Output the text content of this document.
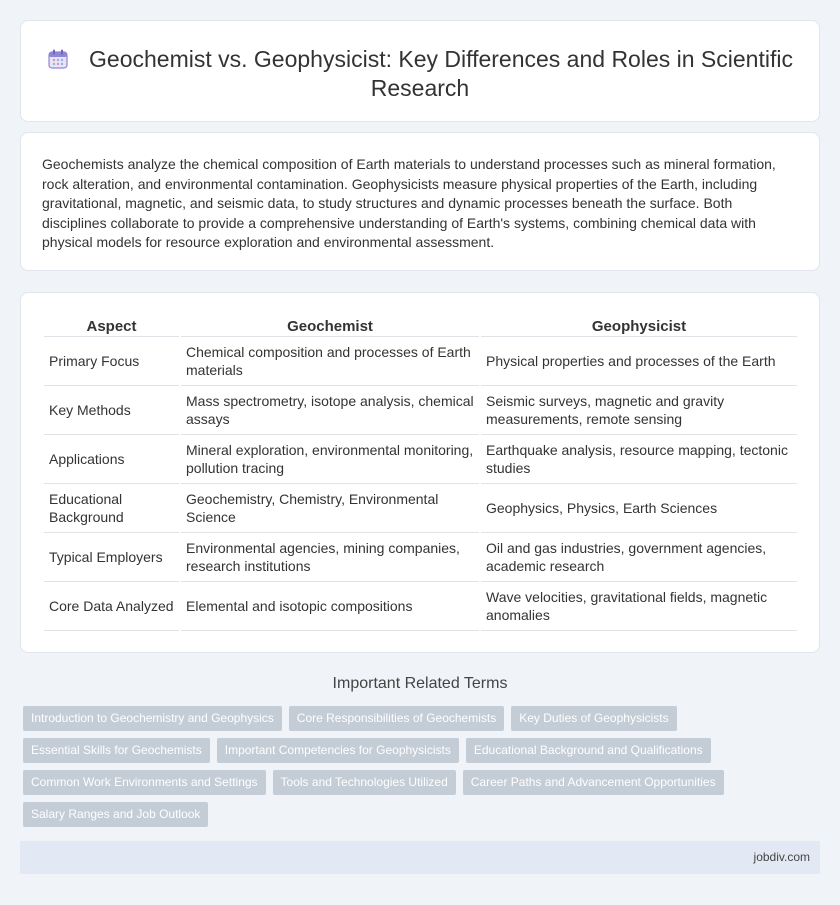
Geochemist vs. Geophysicist: Key Differences and Roles in Scientific Research

Geochemists analyze the chemical composition of Earth materials to understand processes such as mineral formation, rock alteration, and environmental contamination. Geophysicists measure physical properties of the Earth, including gravitational, magnetic, and seismic data, to study structures and dynamic processes beneath the surface. Both disciplines collaborate to provide a comprehensive understanding of Earth's systems, combining chemical data with physical models for resource exploration and environmental assessment.

Aspect	Geochemist	Geophysicist
Primary Focus	Chemical composition and processes of Earth materials	Physical properties and processes of the Earth
Key Methods	Mass spectrometry, isotope analysis, chemical assays	Seismic surveys, magnetic and gravity measurements, remote sensing
Applications	Mineral exploration, environmental monitoring, pollution tracing	Earthquake analysis, resource mapping, tectonic studies
Educational Background	Geochemistry, Chemistry, Environmental Science	Geophysics, Physics, Earth Sciences
Typical Employers	Environmental agencies, mining companies, research institutions	Oil and gas industries, government agencies, academic research
Core Data Analyzed	Elemental and isotopic compositions	Wave velocities, gravitational fields, magnetic anomalies
Important Related Terms
Introduction to Geochemistry and Geophysics	Core Responsibilities of Geochemists	Key Duties of Geophysicists
Essential Skills for Geochemists	Important Competencies for Geophysicists	Educational Background and Qualifications
Common Work Environments and Settings	Tools and Technologies Utilized	Career Paths and Advancement Opportunities
Salary Ranges and Job Outlook
jobdiv.com
